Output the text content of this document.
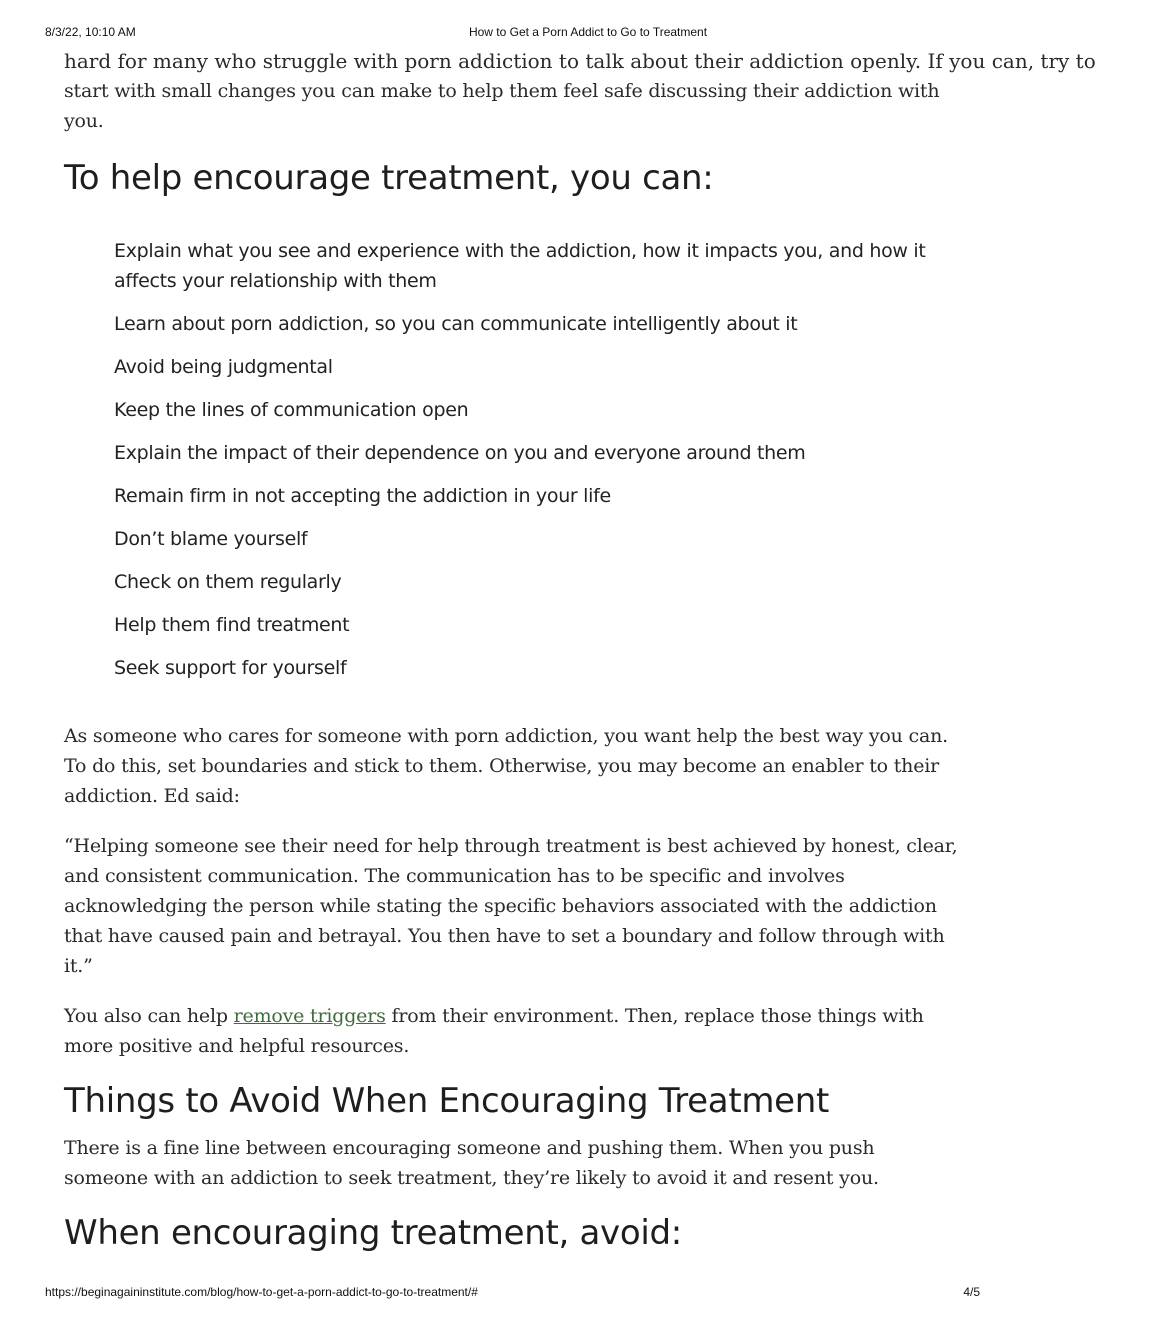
8/3/22, 10:10 AM	How to Get a Porn Addict to Go to Treatment
hard for many who struggle with porn addiction to talk about their addiction openly. If you can, try to

start with small changes you can make to help them feel safe discussing their addiction with you.

To help encourage treatment, you can:
Explain what you see and experience with the addiction, how it impacts you, and how it affects your relationship with them
Learn about porn addiction, so you can communicate intelligently about it
Avoid being judgmental
Keep the lines of communication open
Explain the impact of their dependence on you and everyone around them
Remain firm in not accepting the addiction in your life
Don’t blame yourself
Check on them regularly
Help them find treatment
Seek support for yourself

As someone who cares for someone with porn addiction, you want help the best way you can. To do this, set boundaries and stick to them. Otherwise, you may become an enabler to their addiction. Ed said:

“Helping someone see their need for help through treatment is best achieved by honest, clear, and consistent communication. The communication has to be specific and involves acknowledging the person while stating the specific behaviors associated with the addiction that have caused pain and betrayal. You then have to set a boundary and follow through with it.”

You also can help remove triggers from their environment. Then, replace those things with more positive and helpful resources.

Things to Avoid When Encouraging Treatment

There is a fine line between encouraging someone and pushing them. When you push someone with an addiction to seek treatment, they’re likely to avoid it and resent you.

When encouraging treatment, avoid:
https://beginagaininstitute.com/blog/how-to-get-a-porn-addict-to-go-to-treatment/#	4/5
